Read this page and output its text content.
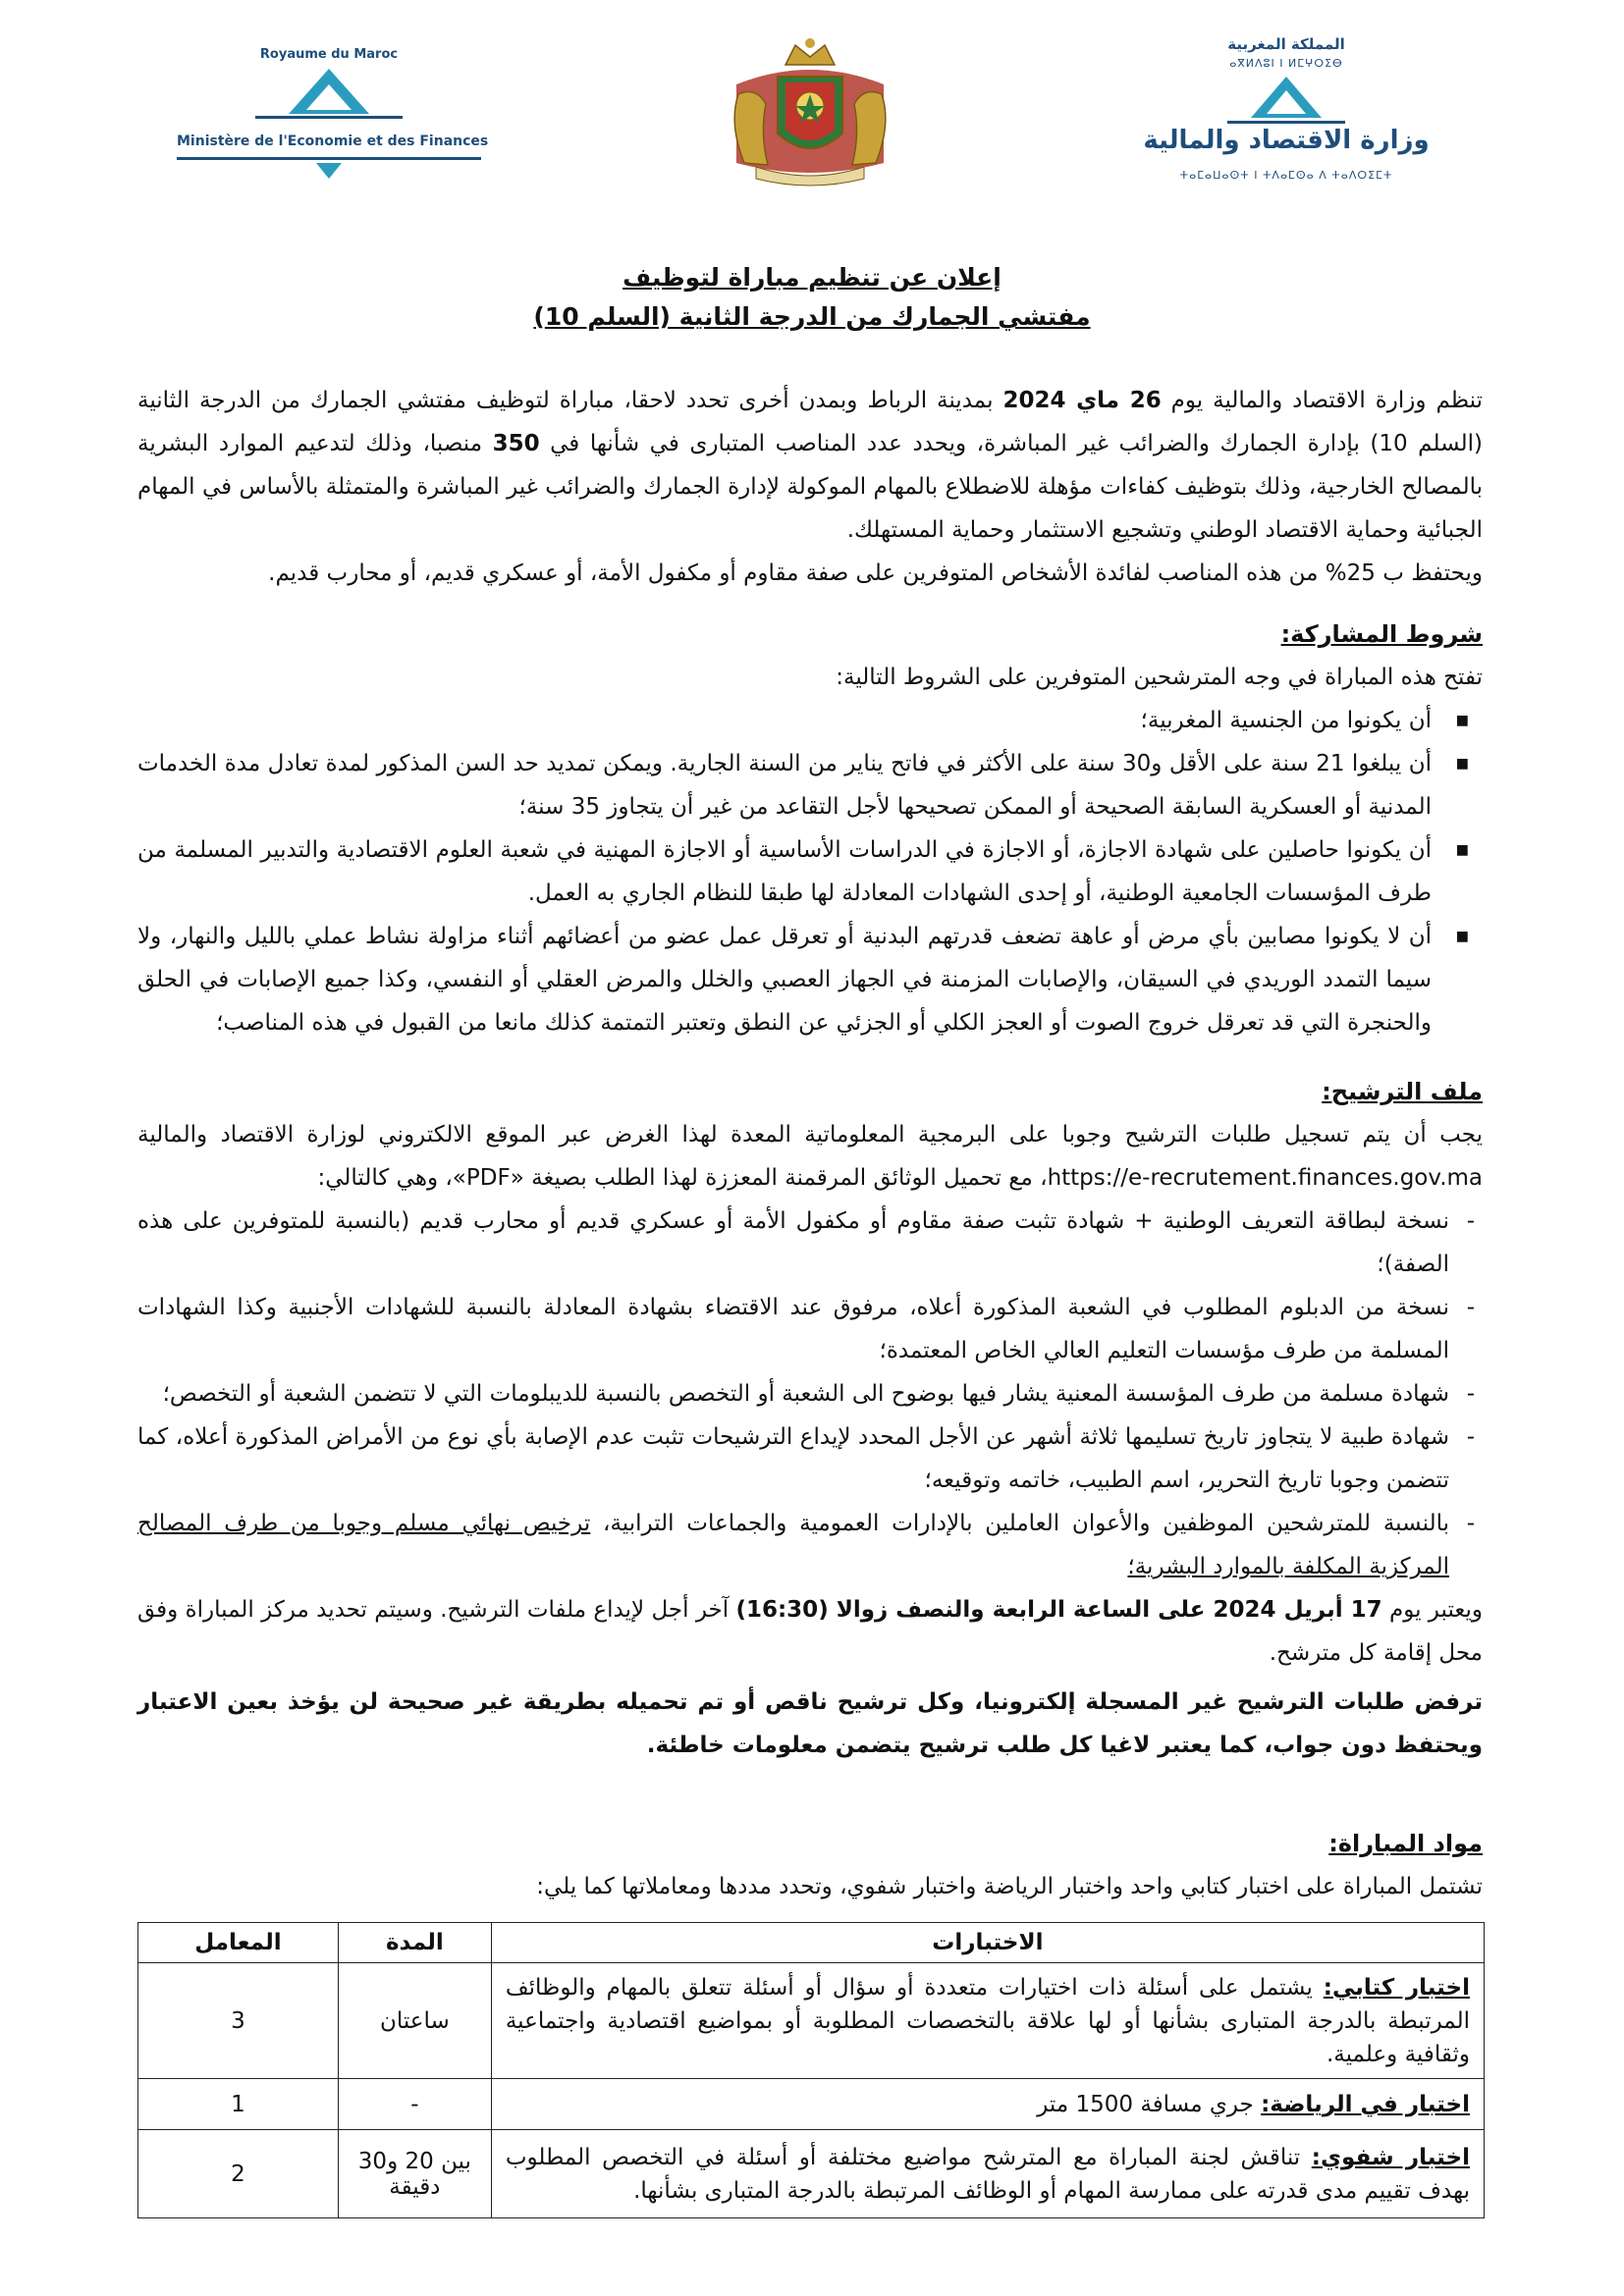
Royaume du Maroc
Ministère de l'Economie et des Finances
المملكة المغربية
ⴰⴳⵍⴷⵓⵏ ⵏ ⵍⵎⵖⵔⵉⴱ
وزارة الاقتصاد والمالية
ⵜⴰⵎⴰⵡⴰⵙⵜ ⵏ ⵜⴷⴰⵎⵙⴰ ⴷ ⵜⴰⴷⵔⵉⵎⵜ
إعلان عن تنظيم مباراة لتوظيف
مفتشي الجمارك من الدرجة الثانية (السلم 10)

تنظم وزارة الاقتصاد والمالية يوم 26 ماي 2024 بمدينة الرباط وبمدن أخرى تحدد لاحقا، مباراة لتوظيف مفتشي الجمارك من الدرجة الثانية (السلم 10) بإدارة الجمارك والضرائب غير المباشرة، ويحدد عدد المناصب المتبارى في شأنها في 350 منصبا، وذلك لتدعيم الموارد البشرية بالمصالح الخارجية، وذلك بتوظيف كفاءات مؤهلة للاضطلاع بالمهام الموكولة لإدارة الجمارك والضرائب غير المباشرة والمتمثلة بالأساس في المهام الجبائية وحماية الاقتصاد الوطني وتشجيع الاستثمار وحماية المستهلك.

ويحتفظ ب 25% من هذه المناصب لفائدة الأشخاص المتوفرين على صفة مقاوم أو مكفول الأمة، أو عسكري قديم، أو محارب قديم.

شروط المشاركة:

تفتح هذه المباراة في وجه المترشحين المتوفرين على الشروط التالية:

■
أن يكونوا من الجنسية المغربية؛
■
أن يبلغوا 21 سنة على الأقل و30 سنة على الأكثر في فاتح يناير من السنة الجارية. ويمكن تمديد حد السن المذكور لمدة تعادل مدة الخدمات المدنية أو العسكرية السابقة الصحيحة أو الممكن تصحيحها لأجل التقاعد من غير أن يتجاوز 35 سنة؛
■
أن يكونوا حاصلين على شهادة الاجازة، أو الاجازة في الدراسات الأساسية أو الاجازة المهنية في شعبة العلوم الاقتصادية والتدبير المسلمة من طرف المؤسسات الجامعية الوطنية، أو إحدى الشهادات المعادلة لها طبقا للنظام الجاري به العمل.
■
أن لا يكونوا مصابين بأي مرض أو عاهة تضعف قدرتهم البدنية أو تعرقل عمل عضو من أعضائهم أثناء مزاولة نشاط عملي بالليل والنهار، ولا سيما التمدد الوريدي في السيقان، والإصابات المزمنة في الجهاز العصبي والخلل والمرض العقلي أو النفسي، وكذا جميع الإصابات في الحلق والحنجرة التي قد تعرقل خروج الصوت أو العجز الكلي أو الجزئي عن النطق وتعتبر التمتمة كذلك مانعا من القبول في هذه المناصب؛

ملف الترشيح:

يجب أن يتم تسجيل طلبات الترشيح وجوبا على البرمجية المعلوماتية المعدة لهذا الغرض عبر الموقع الالكتروني لوزارة الاقتصاد والمالية https://e-recrutement.finances.gov.ma، مع تحميل الوثائق المرقمنة المعززة لهذا الطلب بصيغة «PDF»، وهي كالتالي:

-
نسخة لبطاقة التعريف الوطنية + شهادة تثبت صفة مقاوم أو مكفول الأمة أو عسكري قديم أو محارب قديم (بالنسبة للمتوفرين على هذه الصفة)؛
-
نسخة من الدبلوم المطلوب في الشعبة المذكورة أعلاه، مرفوق عند الاقتضاء بشهادة المعادلة بالنسبة للشهادات الأجنبية وكذا الشهادات المسلمة من طرف مؤسسات التعليم العالي الخاص المعتمدة؛
-
شهادة مسلمة من طرف المؤسسة المعنية يشار فيها بوضوح الى الشعبة أو التخصص بالنسبة للديبلومات التي لا تتضمن الشعبة أو التخصص؛
-
شهادة طبية لا يتجاوز تاريخ تسليمها ثلاثة أشهر عن الأجل المحدد لإيداع الترشيحات تثبت عدم الإصابة بأي نوع من الأمراض المذكورة أعلاه، كما تتضمن وجوبا تاريخ التحرير، اسم الطبيب، خاتمه وتوقيعه؛
-
بالنسبة للمترشحين الموظفين والأعوان العاملين بالإدارات العمومية والجماعات الترابية، ترخيص نهائي مسلم وجوبا من طرف المصالح المركزية المكلفة بالموارد البشرية؛

ويعتبر يوم 17 أبريل 2024 على الساعة الرابعة والنصف زوالا (16:30) آخر أجل لإيداع ملفات الترشيح. وسيتم تحديد مركز المباراة وفق محل إقامة كل مترشح.

ترفض طلبات الترشيح غير المسجلة إلكترونيا، وكل ترشيح ناقص أو تم تحميله بطريقة غير صحيحة لن يؤخذ بعين الاعتبار ويحتفظ دون جواب، كما يعتبر لاغيا كل طلب ترشيح يتضمن معلومات خاطئة.

مواد المباراة:

تشتمل المباراة على اختبار كتابي واحد واختبار الرياضة واختبار شفوي، وتحدد مددها ومعاملاتها كما يلي:

الاختبارات	المدة	المعامل
اختبار كتابي: يشتمل على أسئلة ذات اختيارات متعددة أو سؤال أو أسئلة تتعلق بالمهام والوظائف المرتبطة بالدرجة المتبارى بشأنها أو لها علاقة بالتخصصات المطلوبة أو بمواضيع اقتصادية واجتماعية وثقافية وعلمية.	ساعتان	3
اختبار في الرياضة: جري مسافة 1500 متر	-	1
اختبار شفوي: تناقش لجنة المباراة مع المترشح مواضيع مختلفة أو أسئلة في التخصص المطلوب بهدف تقييم مدى قدرته على ممارسة المهام أو الوظائف المرتبطة بالدرجة المتبارى بشأنها.	بين 20 و30 دقيقة	2
